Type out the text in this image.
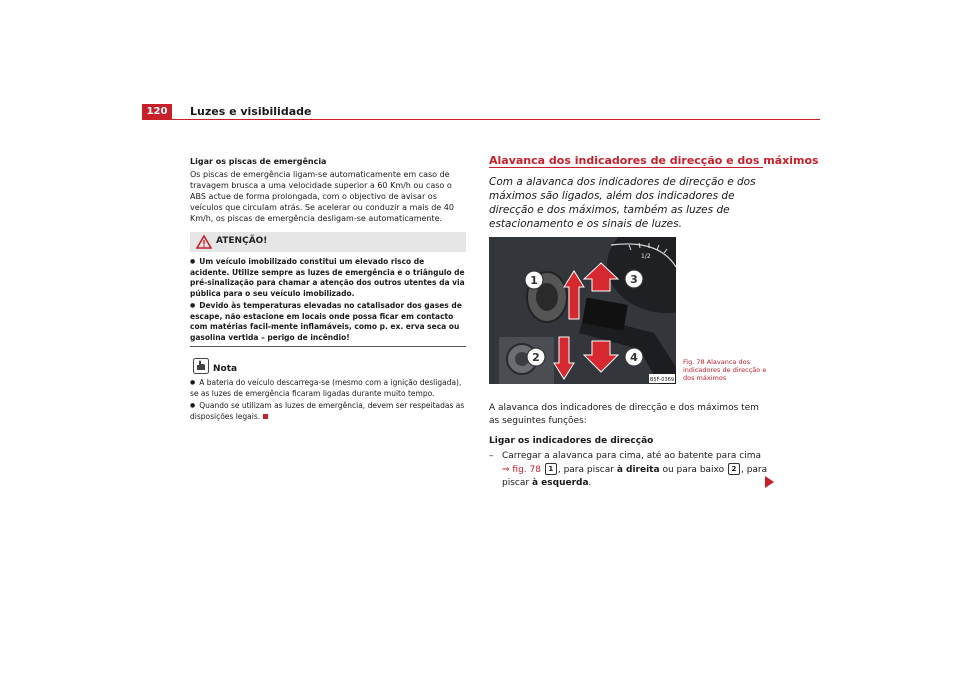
120	Luzes e visibilidade
Ligar os piscas de emergência
Os piscas de emergência ligam-se automaticamente em caso de travagem brusca a uma velocidade superior a 60 Km/h ou caso o ABS actue de forma prolongada, com o objectivo de avisar os veículos que circulam atrás. Se acelerar ou conduzir a mais de 40 Km/h, os piscas de emergência desligam-se automaticamente.
ATENÇÃO!
● Um veículo imobilizado constitui um elevado risco de acidente. Utilize sempre as luzes de emergência e o triângulo de pré-sinalização para chamar a atenção dos outros utentes da via pública para o seu veículo imobilizado.
● Devido às temperaturas elevadas no catalisador dos gases de escape, não estacione em locais onde possa ficar em contacto com matérias facil-mente inflamáveis, como p. ex. erva seca ou gasolina vertida – perigo de incêndio!
Nota
● A bateria do veículo descarrega-se (mesmo com a ignição desligada), se as luzes de emergência ficaram ligadas durante muito tempo.
● Quando se utilizam as luzes de emergência, devem ser respeitadas as disposições legais.
Alavanca dos indicadores de direcção e dos máximos
Com a alavanca dos indicadores de direcção e dos máximos são ligados, além dos indicadores de direcção e dos máximos, também as luzes de estacionamento e os sinais de luzes.
1/2
1
2
3
4
B5F-0369
Fig. 78 Alavanca dos indicadores de direcção e dos máximos
A alavanca dos indicadores de direcção e dos máximos tem as seguintes funções:
Ligar os indicadores de direcção
– Carregar a alavanca para cima, até ao batente para cima ⇒ fig. 78 1 , para piscar à direita ou para baixo 2 , para piscar à esquerda.
